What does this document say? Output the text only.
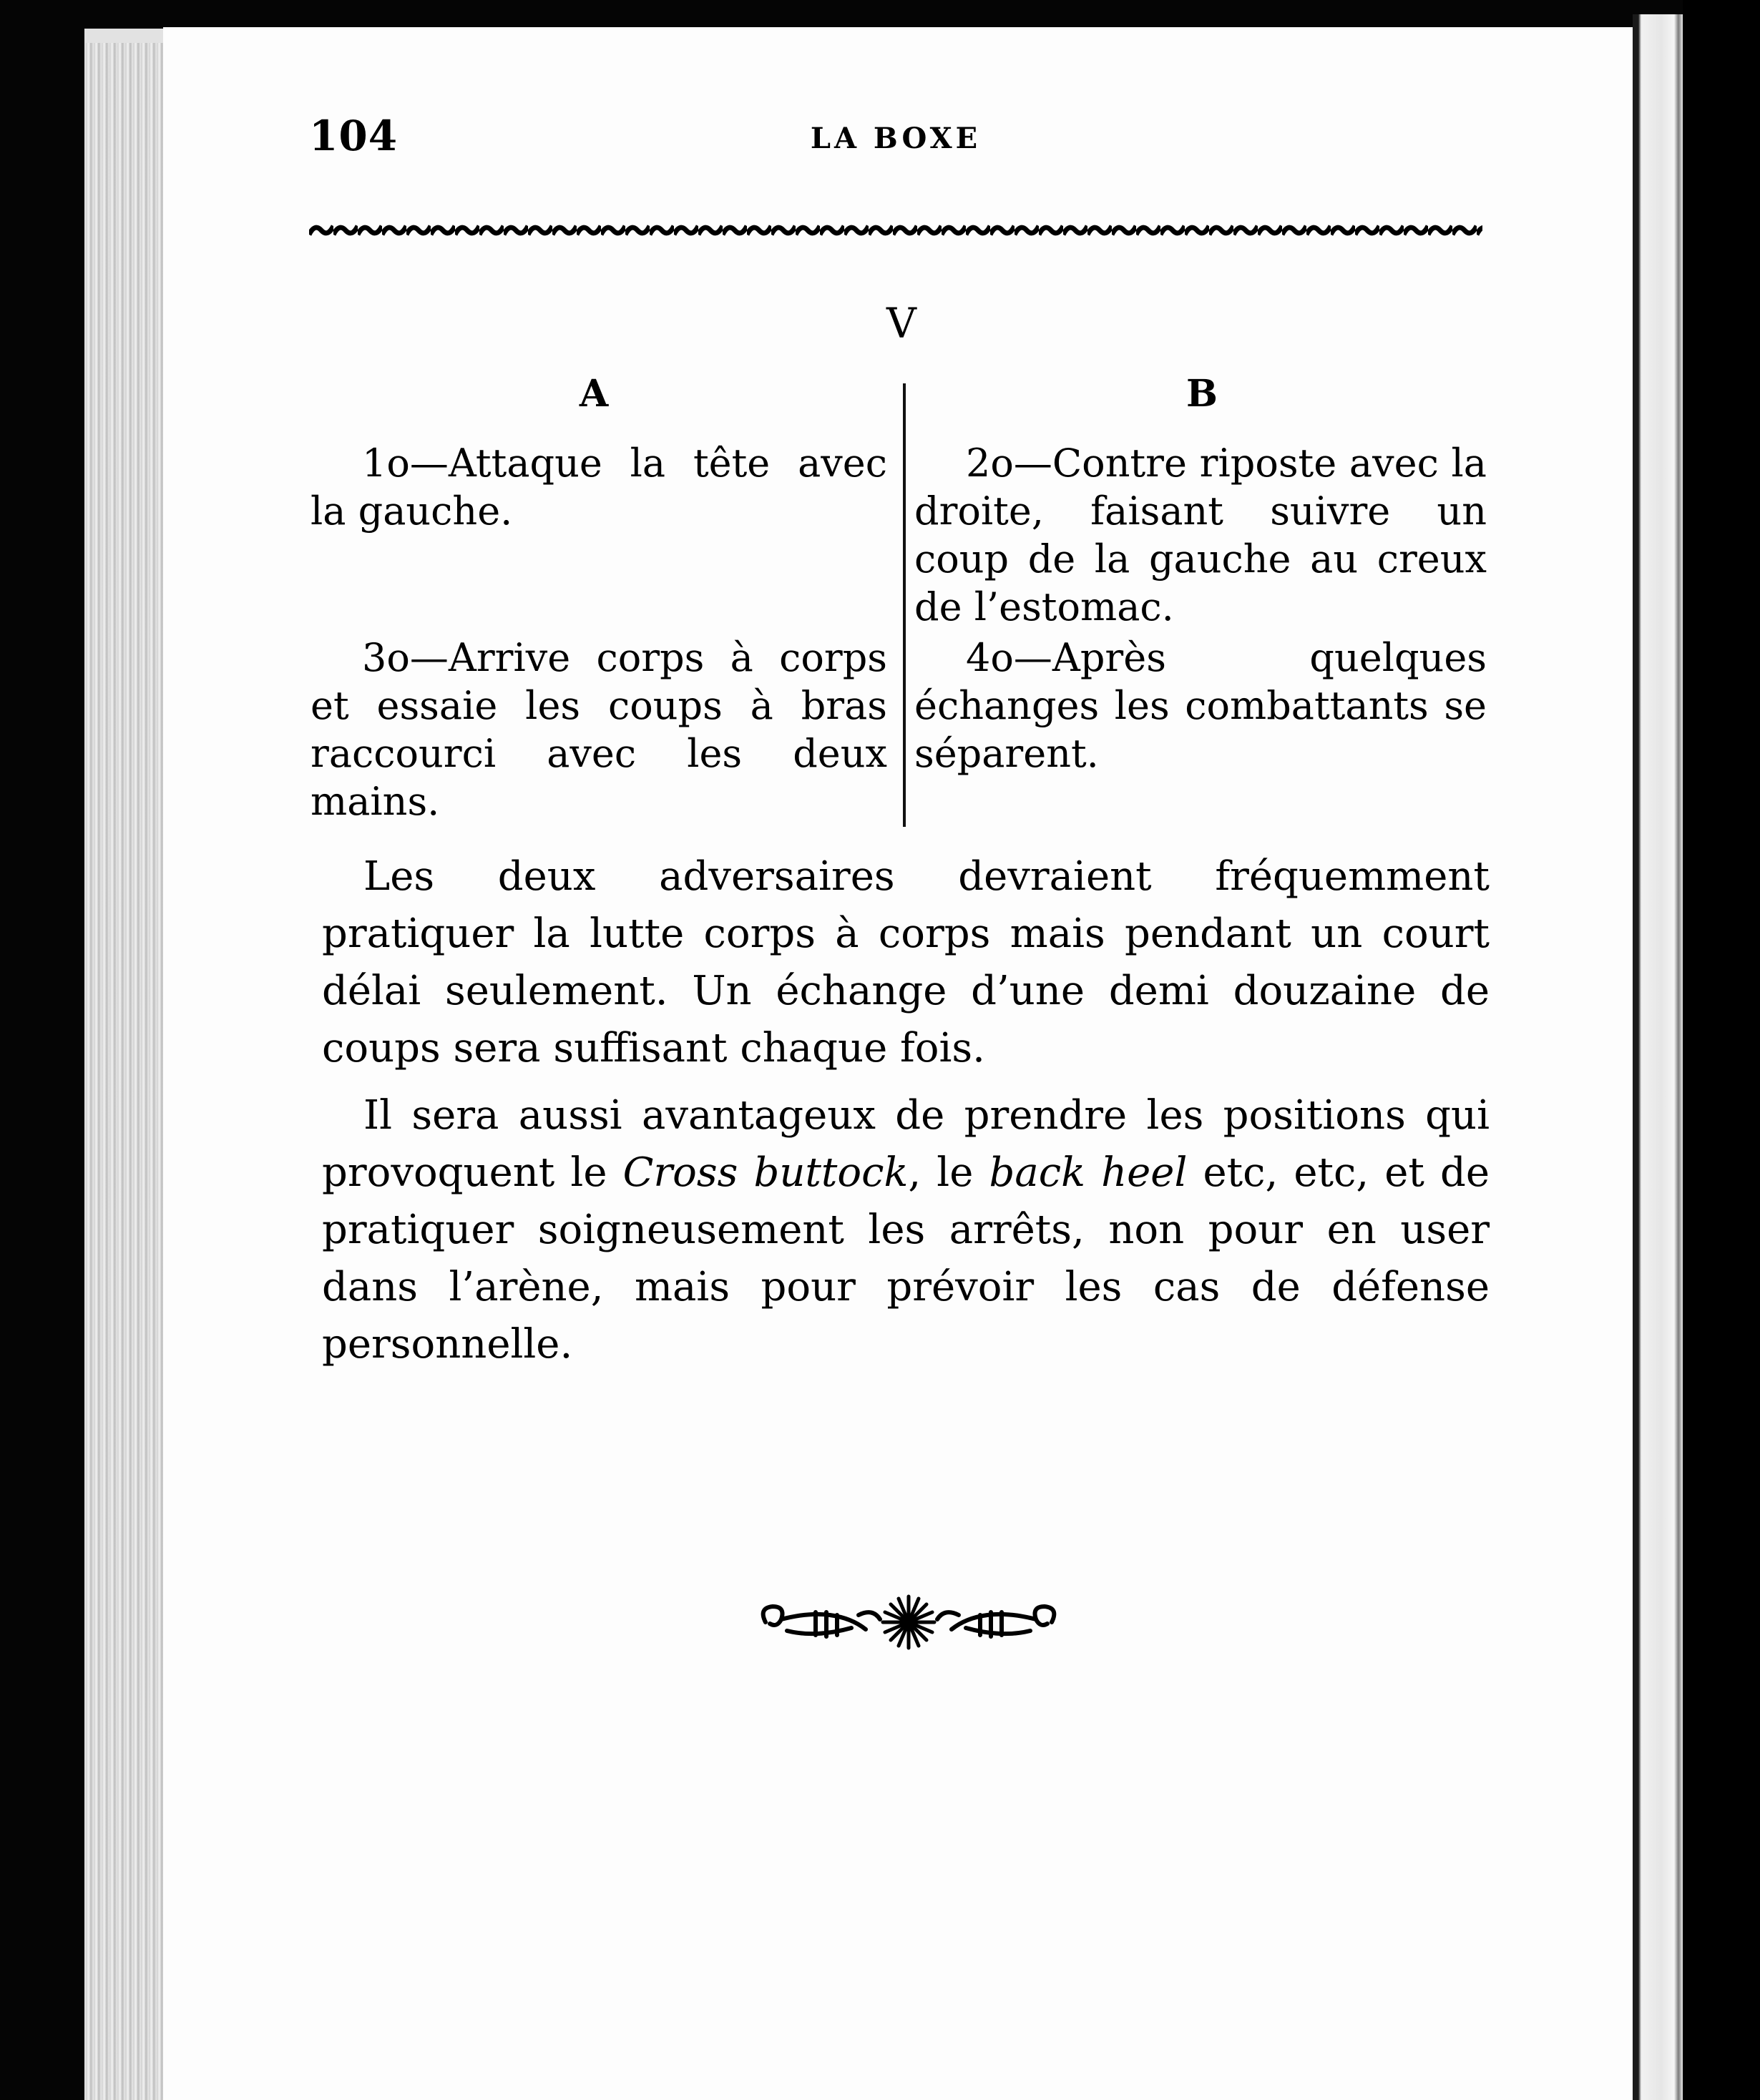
104	LA BOXE
V
A	B
1o—Attaque la tête avec la gauche.
2o—Contre riposte avec la droite, faisant suivre un coup de la gauche au creux de l’estomac.
3o—Arrive corps à corps et essaie les coups à bras raccourci avec les deux mains.
4o—Après quelques échanges les combattants se séparent.
Les deux adversaires devraient fréquemment pratiquer la lutte corps à corps mais pendant un court délai seulement. Un échange d’une demi douzaine de coups sera suffisant chaque fois.
Il sera aussi avantageux de prendre les positions qui provoquent le Cross buttock, le back heel etc, etc, et de pratiquer soigneusement les arrêts, non pour en user dans l’arène, mais pour prévoir les cas de défense personnelle.
